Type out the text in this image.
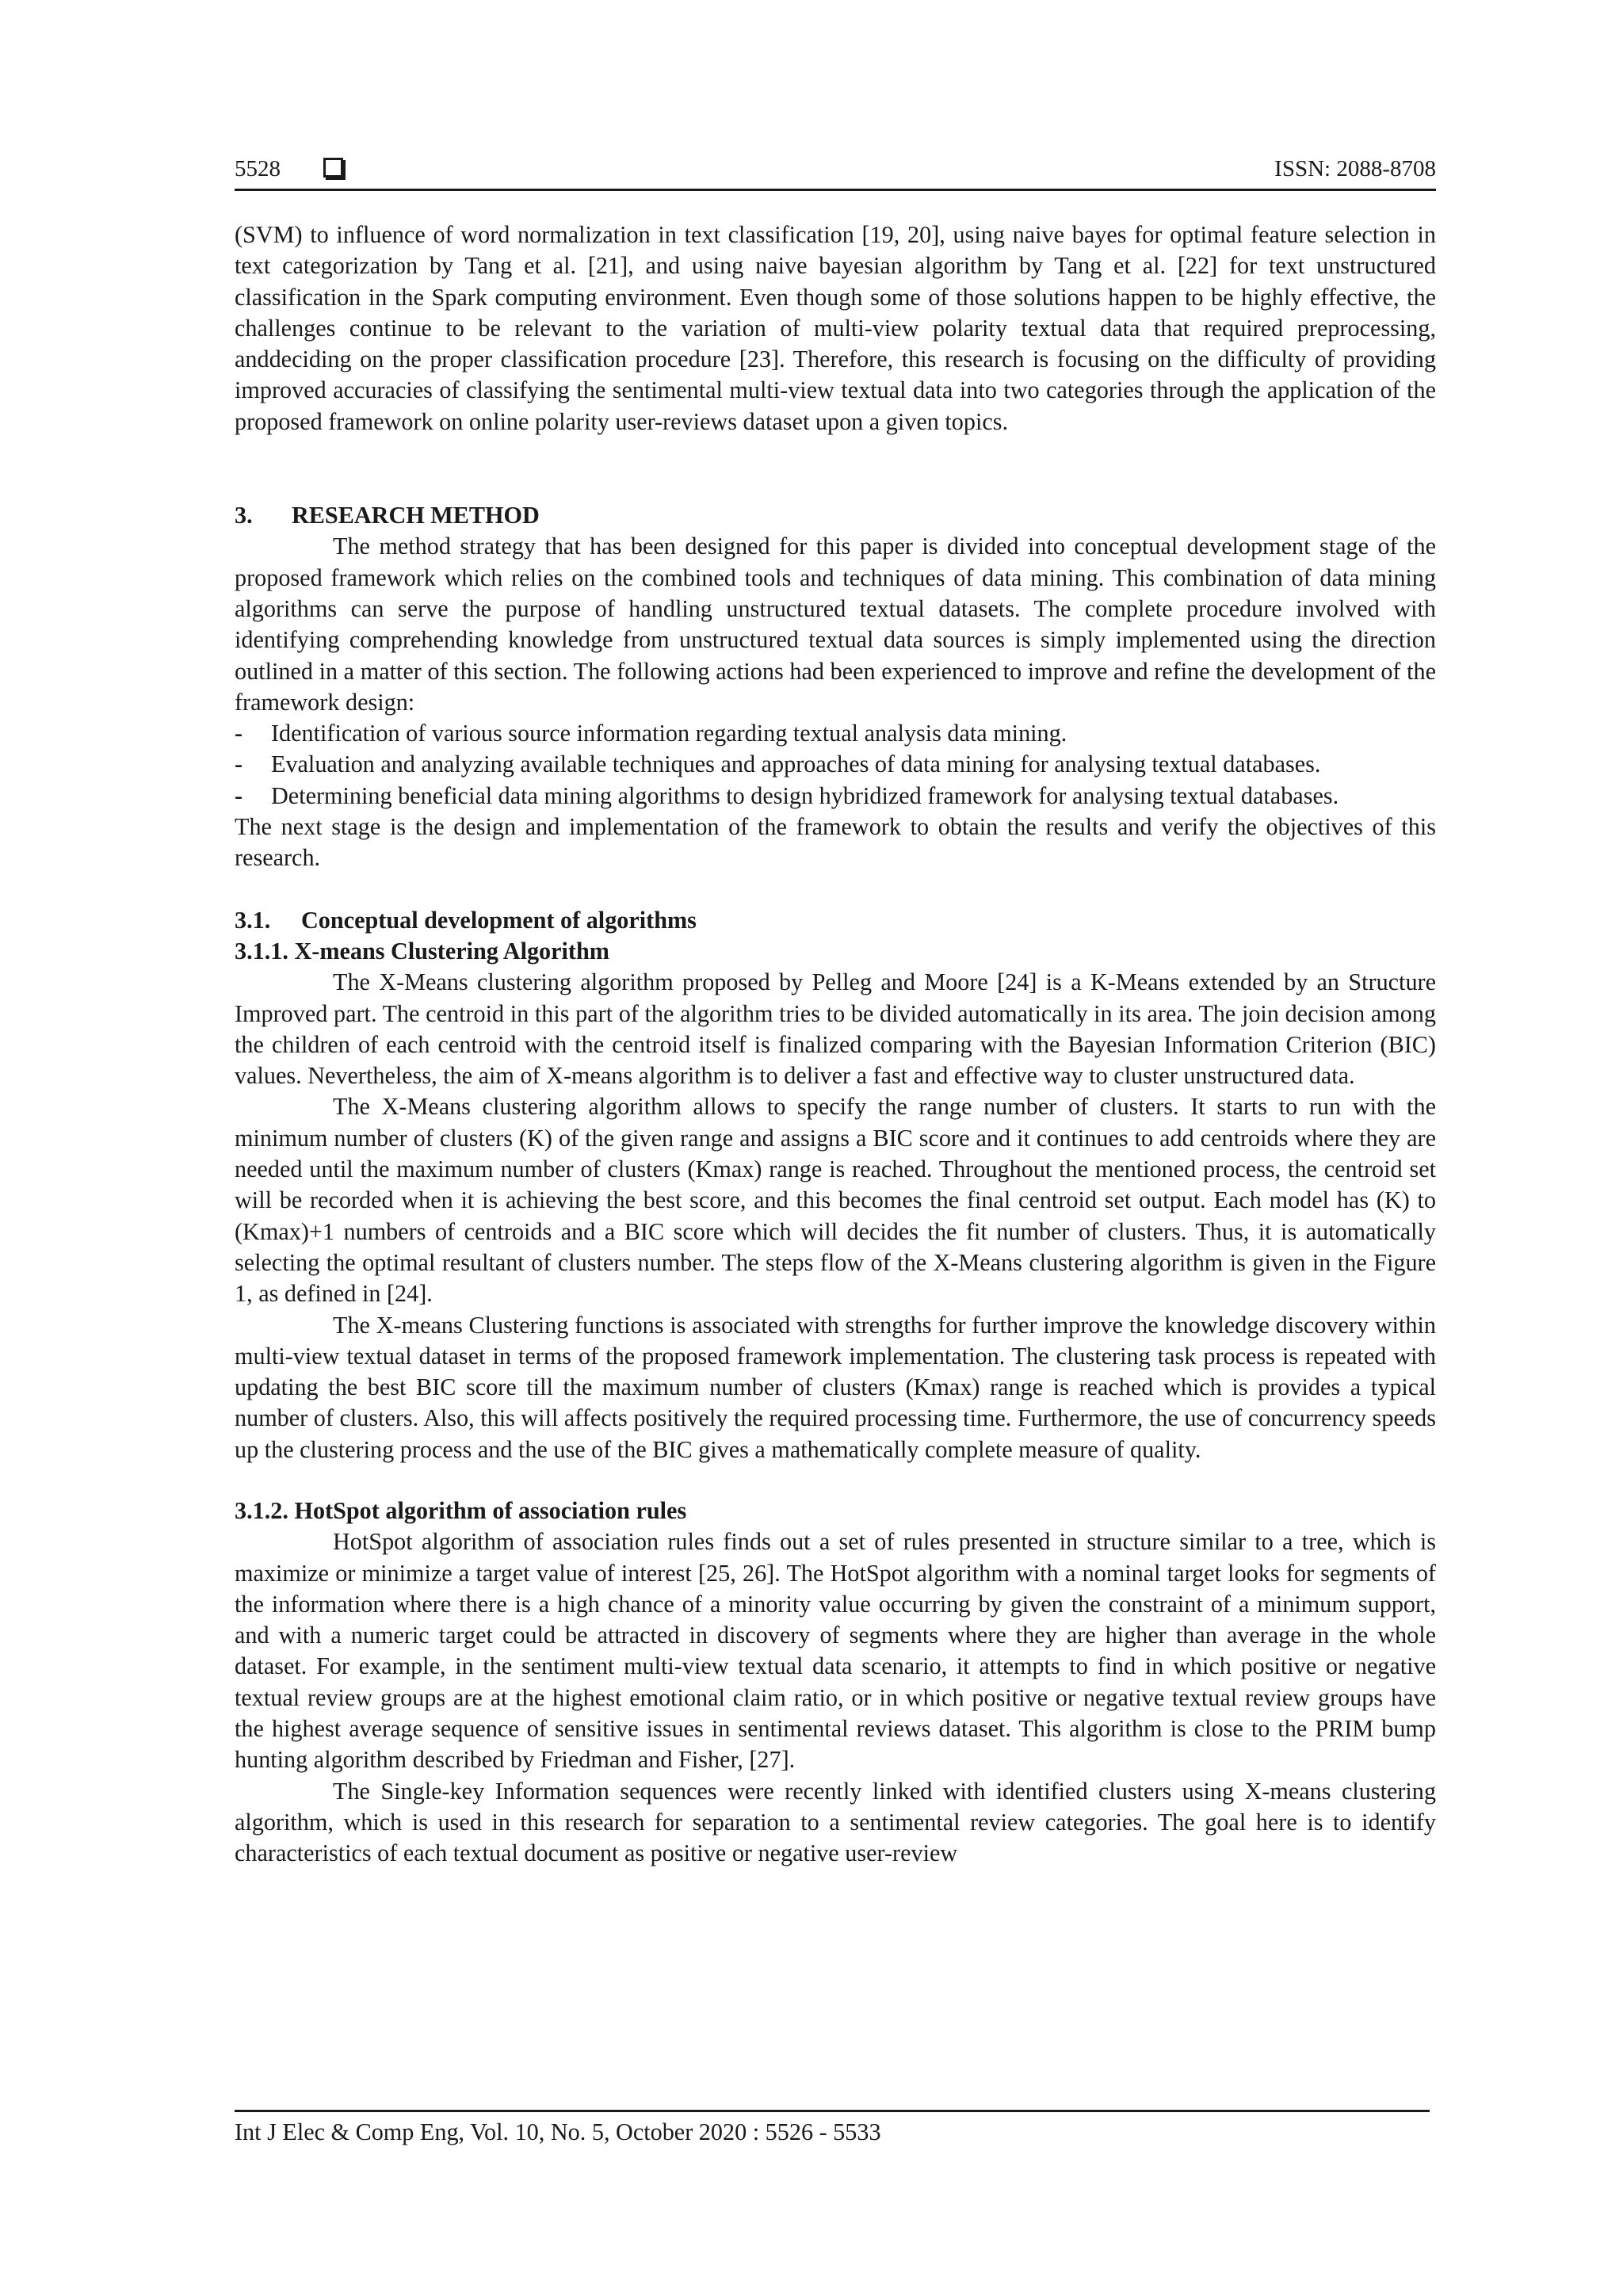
5528	ISSN: 2088-8708

(SVM) to influence of word normalization in text classification [19, 20], using naive bayes for optimal feature selection in text categorization by Tang et al. [21], and using naive bayesian algorithm by Tang et al. [22] for text unstructured classification in the Spark computing environment. Even though some of those solutions happen to be highly effective, the challenges continue to be relevant to the variation of multi-view polarity textual data that required preprocessing, anddeciding on the proper classification procedure [23]. Therefore, this research is focusing on the difficulty of providing improved accuracies of classifying the sentimental multi-view textual data into two categories through the application of the proposed framework on online polarity user-reviews dataset upon a given topics.

3. RESEARCH METHOD

The method strategy that has been designed for this paper is divided into conceptual development stage of the proposed framework which relies on the combined tools and techniques of data mining. This combination of data mining algorithms can serve the purpose of handling unstructured textual datasets. The complete procedure involved with identifying comprehending knowledge from unstructured textual data sources is simply implemented using the direction outlined in a matter of this section. The following actions had been experienced to improve and refine the development of the framework design:

- Identification of various source information regarding textual analysis data mining.
- Evaluation and analyzing available techniques and approaches of data mining for analysing textual databases.
- Determining beneficial data mining algorithms to design hybridized framework for analysing textual databases.

The next stage is the design and implementation of the framework to obtain the results and verify the objectives of this research.

3.1. Conceptual development of algorithms
3.1.1. X-means Clustering Algorithm

The X-Means clustering algorithm proposed by Pelleg and Moore [24] is a K-Means extended by an Structure Improved part. The centroid in this part of the algorithm tries to be divided automatically in its area. The join decision among the children of each centroid with the centroid itself is finalized comparing with the Bayesian Information Criterion (BIC) values. Nevertheless, the aim of X-means algorithm is to deliver a fast and effective way to cluster unstructured data.

The X-Means clustering algorithm allows to specify the range number of clusters. It starts to run with the minimum number of clusters (K) of the given range and assigns a BIC score and it continues to add centroids where they are needed until the maximum number of clusters (Kmax) range is reached. Throughout the mentioned process, the centroid set will be recorded when it is achieving the best score, and this becomes the final centroid set output. Each model has (K) to (Kmax)+1 numbers of centroids and a BIC score which will decides the fit number of clusters. Thus, it is automatically selecting the optimal resultant of clusters number. The steps flow of the X-Means clustering algorithm is given in the Figure 1, as defined in [24].

The X-means Clustering functions is associated with strengths for further improve the knowledge discovery within multi-view textual dataset in terms of the proposed framework implementation. The clustering task process is repeated with updating the best BIC score till the maximum number of clusters (Kmax) range is reached which is provides a typical number of clusters. Also, this will affects positively the required processing time. Furthermore, the use of concurrency speeds up the clustering process and the use of the BIC gives a mathematically complete measure of quality.

3.1.2. HotSpot algorithm of association rules

HotSpot algorithm of association rules finds out a set of rules presented in structure similar to a tree, which is maximize or minimize a target value of interest [25, 26]. The HotSpot algorithm with a nominal target looks for segments of the information where there is a high chance of a minority value occurring by given the constraint of a minimum support, and with a numeric target could be attracted in discovery of segments where they are higher than average in the whole dataset. For example, in the sentiment multi-view textual data scenario, it attempts to find in which positive or negative textual review groups are at the highest emotional claim ratio, or in which positive or negative textual review groups have the highest average sequence of sensitive issues in sentimental reviews dataset. This algorithm is close to the PRIM bump hunting algorithm described by Friedman and Fisher, [27].

The Single-key Information sequences were recently linked with identified clusters using X-means clustering algorithm, which is used in this research for separation to a sentimental review categories. The goal here is to identify characteristics of each textual document as positive or negative user-review

Int J Elec & Comp Eng, Vol. 10, No. 5, October 2020 : 5526 - 5533
